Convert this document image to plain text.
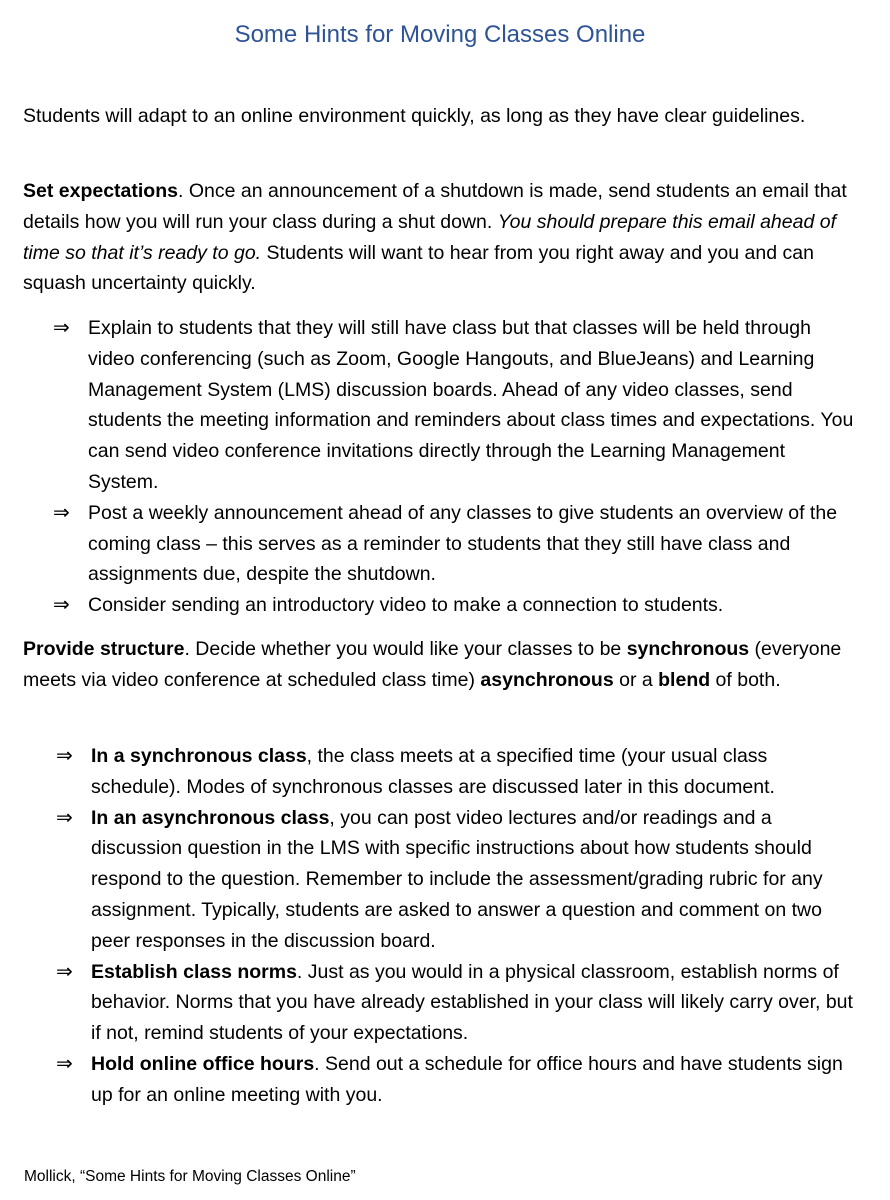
Some Hints for Moving Classes Online

Students will adapt to an online environment quickly, as long as they have clear guidelines.

Set expectations. Once an announcement of a shutdown is made, send students an email that details how you will run your class during a shut down. You should prepare this email ahead of time so that it’s ready to go. Students will want to hear from you right away and you and can squash uncertainty quickly.

⇒ Explain to students that they will still have class but that classes will be held through video conferencing (such as Zoom, Google Hangouts, and BlueJeans) and Learning Management System (LMS) discussion boards. Ahead of any video classes, send students the meeting information and reminders about class times and expectations. You can send video conference invitations directly through the Learning Management System.
⇒ Post a weekly announcement ahead of any classes to give students an overview of the coming class – this serves as a reminder to students that they still have class and assignments due, despite the shutdown.
⇒ Consider sending an introductory video to make a connection to students.

Provide structure. Decide whether you would like your classes to be synchronous (everyone meets via video conference at scheduled class time) asynchronous or a blend of both.

⇒ In a synchronous class, the class meets at a specified time (your usual class schedule). Modes of synchronous classes are discussed later in this document.
⇒ In an asynchronous class, you can post video lectures and/or readings and a discussion question in the LMS with specific instructions about how students should respond to the question. Remember to include the assessment/grading rubric for any assignment. Typically, students are asked to answer a question and comment on two peer responses in the discussion board.
⇒ Establish class norms. Just as you would in a physical classroom, establish norms of behavior. Norms that you have already established in your class will likely carry over, but if not, remind students of your expectations.
⇒ Hold online office hours. Send out a schedule for office hours and have students sign up for an online meeting with you.
Mollick, “Some Hints for Moving Classes Online”
